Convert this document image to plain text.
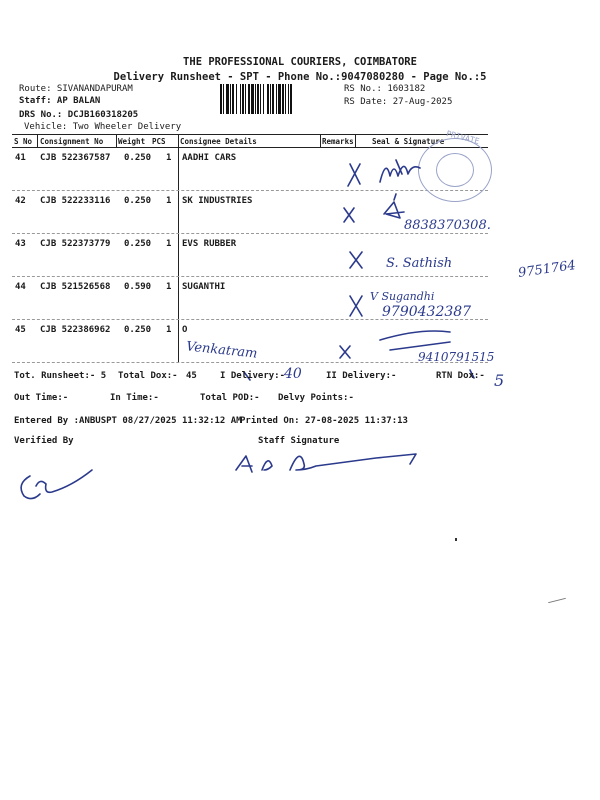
THE PROFESSIONAL COURIERS, COIMBATORE
Delivery Runsheet - SPT - Phone No.:9047080280 - Page No.:5
Route: SIVANANDAPURAM
Staff: AP BALAN
DRS No.: DCJB160318205
Vehicle: Two Wheeler Delivery
RS No.: 1603182
RS Date: 27-Aug-2025
S No Consignment No Weight PCS Consignee Details	Remarks Seal & Signature
41 CJB 522367587 0.250 1 AADHI CARS
42 CJB 522233116 0.250 1 SK INDUSTRIES
43 CJB 522373779 0.250 1 EVS RUBBER
44 CJB 521526568 0.590 1 SUGANTHI
45 CJB 522386962 0.250 1 O
PRIVATE
8838370308.
S. Sathish	9751764
V Sugandhi
9790432387
9410791515
Venkatram
Tot. Runsheet:- 5 Total Dox:- 45	I Delivery:-
40	II Delivery:-	RTN Dox:- 5
Out Time:-	In Time:-	Total POD:- Delvy Points:-
Entered By :ANBUSPT 08/27/2025 11:32:12 AM
Printed On: 27-08-2025 11:37:13
Verified By	Staff Signature
